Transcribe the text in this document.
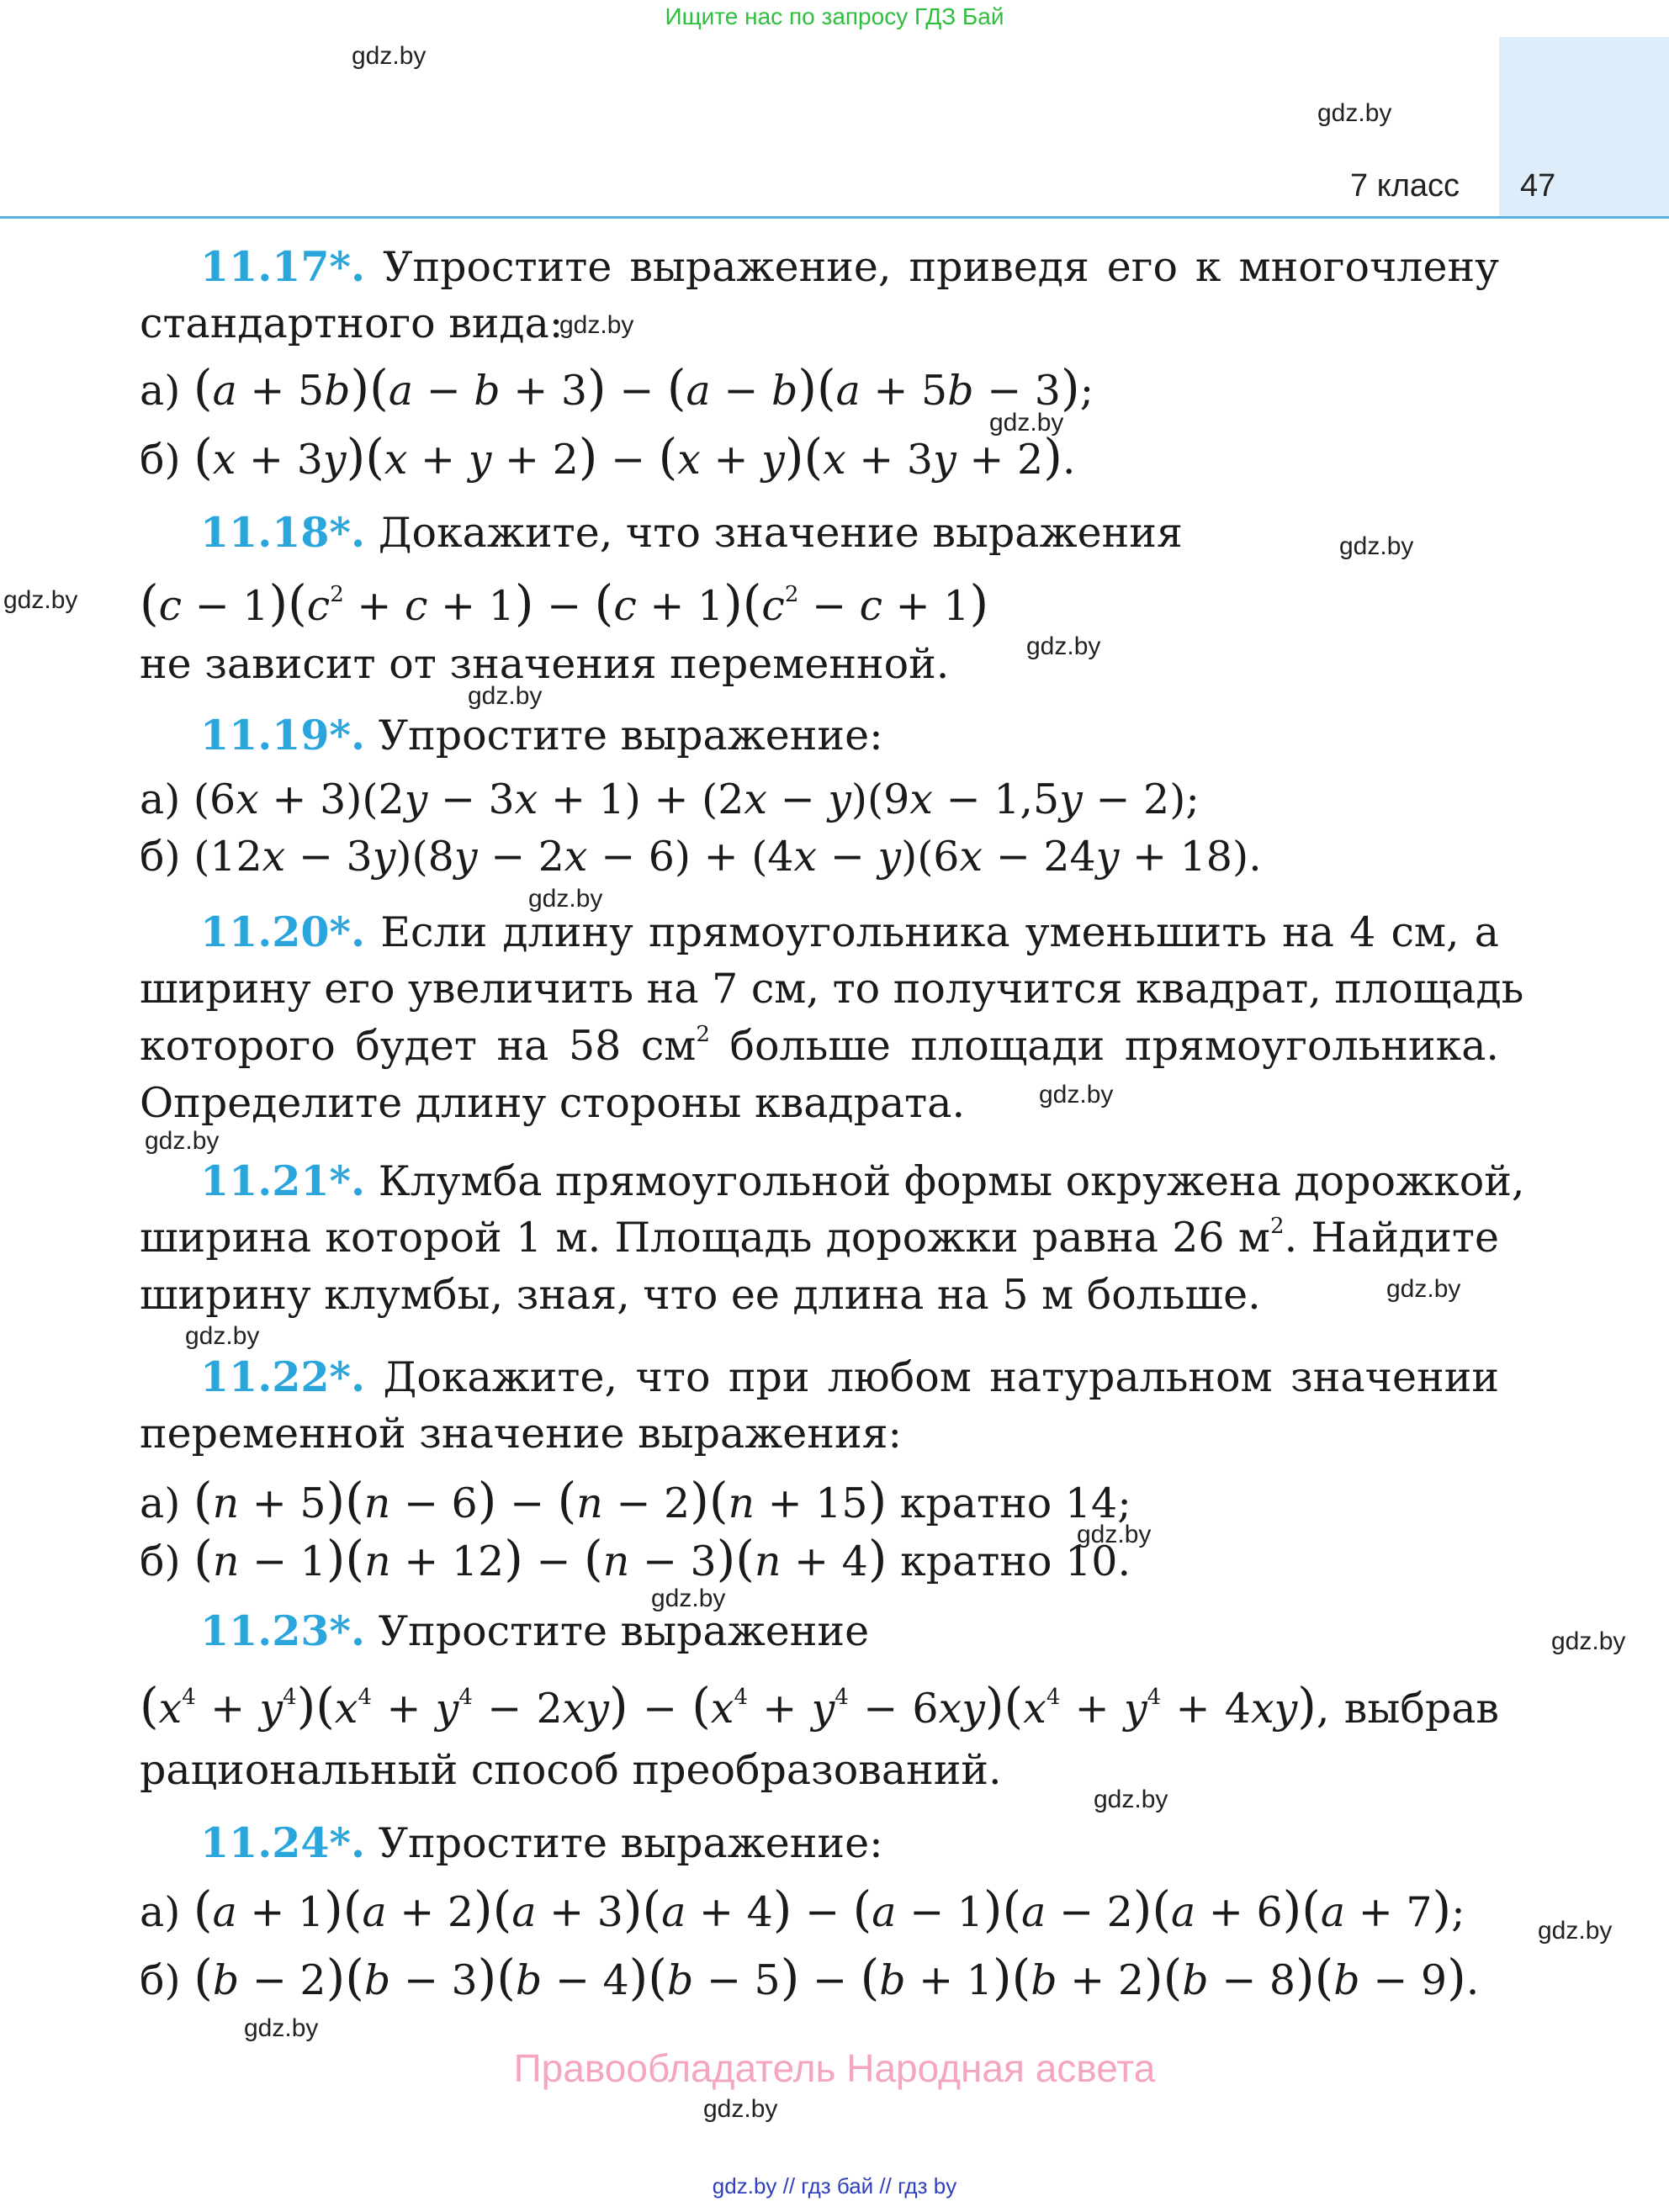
Ищите нас по запросу ГДЗ Бай
7 класс 47
gdz.by
gdz.by
gdz.by
gdz.by
gdz.by
gdz.by
gdz.by
gdz.by
gdz.by
gdz.by
gdz.by
gdz.by
gdz.by
gdz.by
gdz.by
gdz.by
gdz.by
gdz.by
gdz.by
gdz.by
11.17*. Упростите выражение, приведя его к многочлену
стандартного вида:
а) (a + 5b)(a − b + 3) − (a − b)(a + 5b − 3);
б) (x + 3y)(x + y + 2) − (x + y)(x + 3y + 2).
11.18*. Докажите, что значение выражения
$(c - 1)(c^2 + c + 1) - (c + 1)(c^2 - c + 1)$
не зависит от значения переменной.
11.19*. Упростите выражение:
а) (6x + 3)(2y − 3x + 1) + (2x − y)(9x − 1,5y − 2);
б) (12x − 3y)(8y − 2x − 6) + (4x − y)(6x − 24y + 18).
11.20*. Если длину прямоугольника уменьшить на 4 см, а
ширину его увеличить на 7 см, то получится квадрат, площадь
которого будет на 58 $см^2$ больше площади прямоугольника.
Определите длину стороны квадрата.
11.21*. Клумба прямоугольной формы окружена дорожкой,
ширина которой 1 м. Площадь дорожки равна 26 $м^2$. Найдите
ширину клумбы, зная, что ее длина на 5 м больше.
11.22*. Докажите, что при любом натуральном значении
переменной значение выражения:
а) (n + 5)(n − 6) − (n − 2)(n + 15) кратно 14;
б) (n − 1)(n + 12) − (n − 3)(n + 4) кратно 10.
11.23*. Упростите выражение
$(x^4 + y^4)(x^4 + y^4 - 2xy) - (x^4 + y^4 - 6xy)(x^4 + y^4 + 4xy)$, выбрав
рациональный способ преобразований.
11.24*. Упростите выражение:
а) (a + 1)(a + 2)(a + 3)(a + 4) − (a − 1)(a − 2)(a + 6)(a + 7);
б) (b − 2)(b − 3)(b − 4)(b − 5) − (b + 1)(b + 2)(b − 8)(b − 9).
Правообладатель Народная асвета
gdz.by // гдз бай // гдз by
